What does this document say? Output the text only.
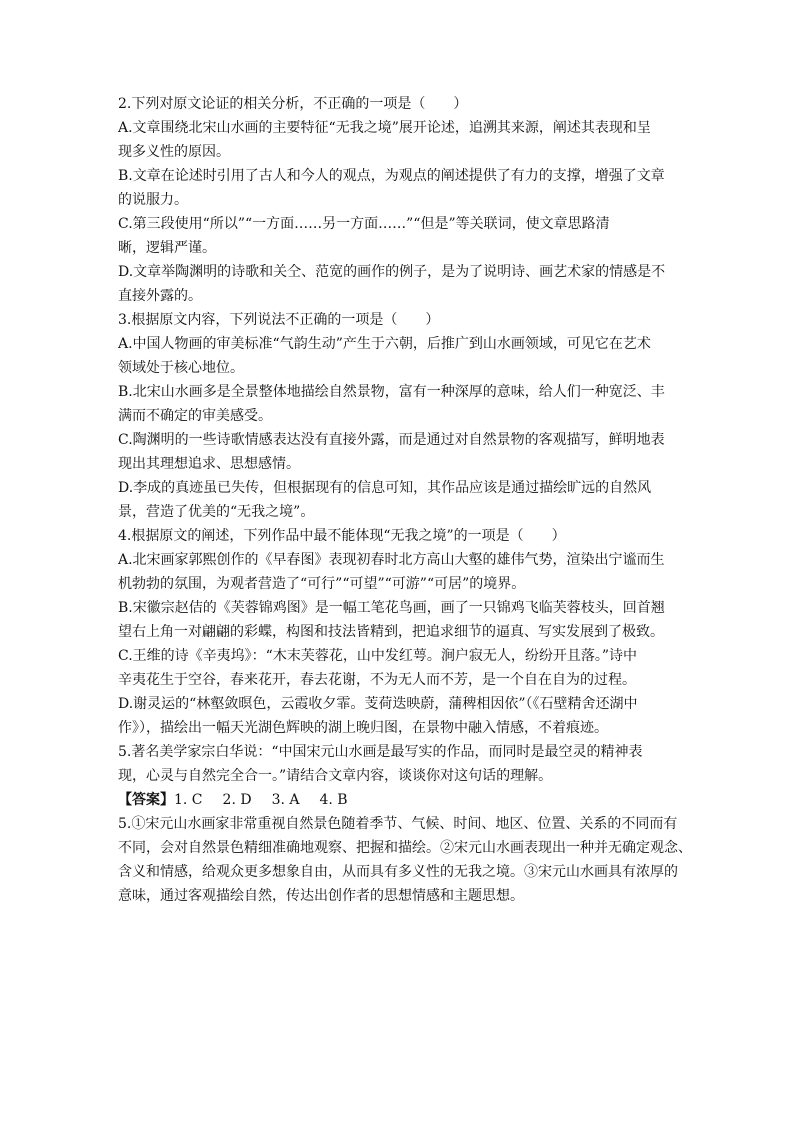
2.下列对原文论证的相关分析，不正确的一项是（　　）
A.文章围绕北宋山水画的主要特征“无我之境”展开论述，追溯其来源，阐述其表现和呈
现多义性的原因。
B.文章在论述时引用了古人和今人的观点，为观点的阐述提供了有力的支撑，增强了文章
的说服力。
C.第三段使用“所以”“一方面……另一方面……”“但是”等关联词，使文章思路清
晰，逻辑严谨。
D.文章举陶渊明的诗歌和关仝、范宽的画作的例子，是为了说明诗、画艺术家的情感是不
直接外露的。
3.根据原文内容，下列说法不正确的一项是（　　）
A.中国人物画的审美标准“气韵生动”产生于六朝，后推广到山水画领域，可见它在艺术
领域处于核心地位。
B.北宋山水画多是全景整体地描绘自然景物，富有一种深厚的意味，给人们一种宽泛、丰
满而不确定的审美感受。
C.陶渊明的一些诗歌情感表达没有直接外露，而是通过对自然景物的客观描写，鲜明地表
现出其理想追求、思想感情。
D.李成的真迹虽已失传，但根据现有的信息可知，其作品应该是通过描绘旷远的自然风
景，营造了优美的“无我之境”。
4.根据原文的阐述，下列作品中最不能体现“无我之境”的一项是（　　）
A.北宋画家郭熙创作的《早春图》表现初春时北方高山大壑的雄伟气势，渲染出宁谧而生
机勃勃的氛围，为观者营造了“可行”“可望”“可游”“可居”的境界。
B.宋徽宗赵佶的《芙蓉锦鸡图》是一幅工笔花鸟画，画了一只锦鸡飞临芙蓉枝头，回首翘
望右上角一对翩翩的彩蝶，构图和技法皆精到，把追求细节的逼真、写实发展到了极致。
C.王维的诗《辛夷坞》：“木末芙蓉花，山中发红萼。涧户寂无人，纷纷开且落。”诗中
辛夷花生于空谷，春来花开，春去花谢，不为无人而不芳，是一个自在自为的过程。
D.谢灵运的“林壑敛暝色，云霞收夕霏。芰荷迭映蔚，蒲稗相因依”（《石壁精舍还湖中
作》），描绘出一幅天光湖色辉映的湖上晚归图，在景物中融入情感，不着痕迹。
5.著名美学家宗白华说：“中国宋元山水画是最写实的作品，而同时是最空灵的精神表
现，心灵与自然完全合一。”请结合文章内容，谈谈你对这句话的理解。
【答案】1. C 2. D 3. A 4. B
5.①宋元山水画家非常重视自然景色随着季节、气候、时间、地区、位置、关系的不同而有
不同，会对自然景色精细准确地观察、把握和描绘。②宋元山水画表现出一种并无确定观念、
含义和情感，给观众更多想象自由，从而具有多义性的无我之境。③宋元山水画具有浓厚的
意味，通过客观描绘自然，传达出创作者的思想情感和主题思想。
